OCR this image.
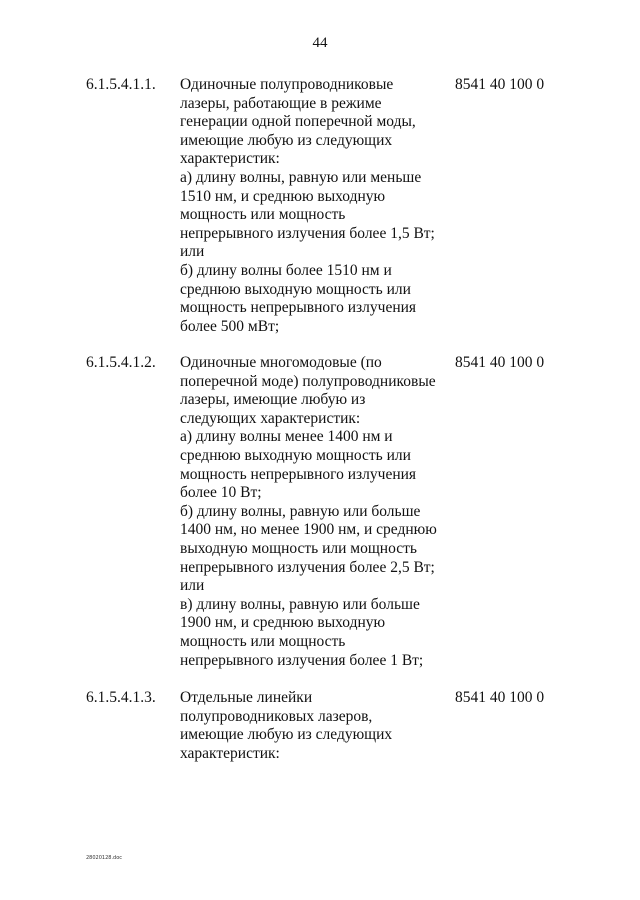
44
6.1.5.4.1.1. Одиночные полупроводниковые
лазеры, работающие в режиме
генерации одной поперечной моды,
имеющие любую из следующих
характеристик:
а) длину волны, равную или меньше
1510 нм, и среднюю выходную
мощность или мощность
непрерывного излучения более 1,5 Вт;
или
б) длину волны более 1510 нм и
среднюю выходную мощность или
мощность непрерывного излучения
более 500 мВт;
8541 40 100 0
6.1.5.4.1.2. Одиночные многомодовые (по
поперечной моде) полупроводниковые
лазеры, имеющие любую из
следующих характеристик:
а) длину волны менее 1400 нм и
среднюю выходную мощность или
мощность непрерывного излучения
более 10 Вт;
б) длину волны, равную или больше
1400 нм, но менее 1900 нм, и среднюю
выходную мощность или мощность
непрерывного излучения более 2,5 Вт;
или
в) длину волны, равную или больше
1900 нм, и среднюю выходную
мощность или мощность
непрерывного излучения более 1 Вт;
8541 40 100 0
6.1.5.4.1.3. Отдельные линейки
полупроводниковых лазеров,
имеющие любую из следующих
характеристик:
8541 40 100 0
28020128.doc
